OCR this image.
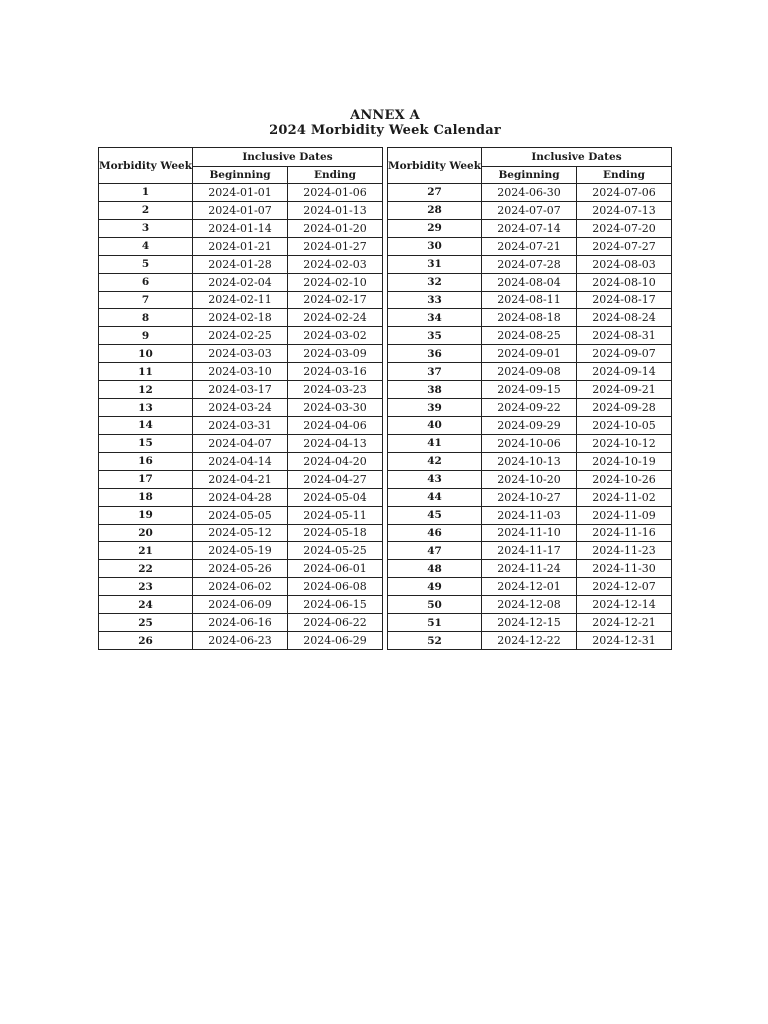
ANNEX A
2024 Morbidity Week Calendar
Morbidity Week	Inclusive Dates	
	Beginning	Ending
1	2024-01-01	2024-01-06
2	2024-01-07	2024-01-13
3	2024-01-14	2024-01-20
4	2024-01-21	2024-01-27
5	2024-01-28	2024-02-03
6	2024-02-04	2024-02-10
7	2024-02-11	2024-02-17
8	2024-02-18	2024-02-24
9	2024-02-25	2024-03-02
10	2024-03-03	2024-03-09
11	2024-03-10	2024-03-16
12	2024-03-17	2024-03-23
13	2024-03-24	2024-03-30
14	2024-03-31	2024-04-06
15	2024-04-07	2024-04-13
16	2024-04-14	2024-04-20
17	2024-04-21	2024-04-27
18	2024-04-28	2024-05-04
19	2024-05-05	2024-05-11
20	2024-05-12	2024-05-18
21	2024-05-19	2024-05-25
22	2024-05-26	2024-06-01
23	2024-06-02	2024-06-08
24	2024-06-09	2024-06-15
25	2024-06-16	2024-06-22
26	2024-06-23	2024-06-29
Morbidity Week	Inclusive Dates	
	Beginning	Ending
27	2024-06-30	2024-07-06
28	2024-07-07	2024-07-13
29	2024-07-14	2024-07-20
30	2024-07-21	2024-07-27
31	2024-07-28	2024-08-03
32	2024-08-04	2024-08-10
33	2024-08-11	2024-08-17
34	2024-08-18	2024-08-24
35	2024-08-25	2024-08-31
36	2024-09-01	2024-09-07
37	2024-09-08	2024-09-14
38	2024-09-15	2024-09-21
39	2024-09-22	2024-09-28
40	2024-09-29	2024-10-05
41	2024-10-06	2024-10-12
42	2024-10-13	2024-10-19
43	2024-10-20	2024-10-26
44	2024-10-27	2024-11-02
45	2024-11-03	2024-11-09
46	2024-11-10	2024-11-16
47	2024-11-17	2024-11-23
48	2024-11-24	2024-11-30
49	2024-12-01	2024-12-07
50	2024-12-08	2024-12-14
51	2024-12-15	2024-12-21
52	2024-12-22	2024-12-31
